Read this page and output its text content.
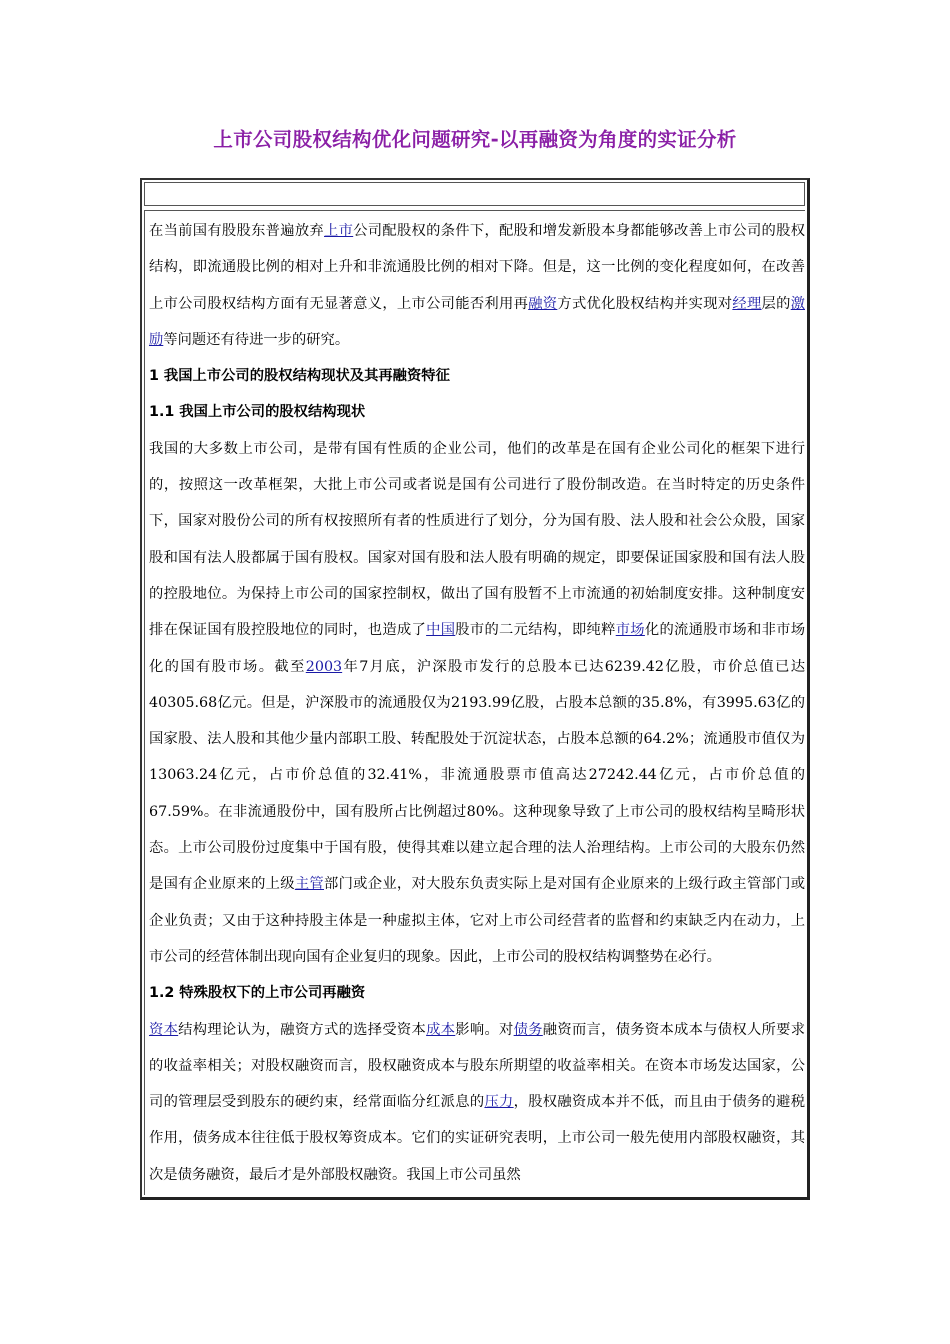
上市公司股权结构优化问题研究-以再融资为角度的实证分析

在当前国有股股东普遍放弃上市公司配股权的条件下，配股和增发新股本身都能够改善上市公司的股权结构，即流通股比例的相对上升和非流通股比例的相对下降。但是，这一比例的变化程度如何，在改善上市公司股权结构方面有无显著意义，上市公司能否利用再融资方式优化股权结构并实现对经理层的激励等问题还有待进一步的研究。

1 我国上市公司的股权结构现状及其再融资特征
1.1 我国上市公司的股权结构现状

我国的大多数上市公司，是带有国有性质的企业公司，他们的改革是在国有企业公司化的框架下进行的，按照这一改革框架，大批上市公司或者说是国有公司进行了股份制改造。在当时特定的历史条件下，国家对股份公司的所有权按照所有者的性质进行了划分，分为国有股、法人股和社会公众股，国家股和国有法人股都属于国有股权。国家对国有股和法人股有明确的规定，即要保证国家股和国有法人股的控股地位。为保持上市公司的国家控制权，做出了国有股暂不上市流通的初始制度安排。这种制度安排在保证国有股控股地位的同时，也造成了中国股市的二元结构，即纯粹市场化的流通股市场和非市场化的国有股市场。截至2003年7月底，沪深股市发行的总股本已达6239.42亿股，市价总值已达40305.68亿元。但是，沪深股市的流通股仅为2193.99亿股，占股本总额的35.8%，有3995.63亿的国家股、法人股和其他少量内部职工股、转配股处于沉淀状态，占股本总额的64.2%；流通股市值仅为13063.24亿元，占市价总值的32.41%，非流通股票市值高达27242.44亿元，占市价总值的67.59%。在非流通股份中，国有股所占比例超过80%。这种现象导致了上市公司的股权结构呈畸形状态。上市公司股份过度集中于国有股，使得其难以建立起合理的法人治理结构。上市公司的大股东仍然是国有企业原来的上级主管部门或企业，对大股东负责实际上是对国有企业原来的上级行政主管部门或企业负责；又由于这种持股主体是一种虚拟主体，它对上市公司经营者的监督和约束缺乏内在动力，上市公司的经营体制出现向国有企业复归的现象。因此，上市公司的股权结构调整势在必行。

1.2 特殊股权下的上市公司再融资

资本结构理论认为，融资方式的选择受资本成本影响。对债务融资而言，债务资本成本与债权人所要求的收益率相关；对股权融资而言，股权融资成本与股东所期望的收益率相关。在资本市场发达国家，公司的管理层受到股东的硬约束，经常面临分红派息的压力，股权融资成本并不低，而且由于债务的避税作用，债务成本往往低于股权筹资成本。它们的实证研究表明，上市公司一般先使用内部股权融资，其次是债务融资，最后才是外部股权融资。我国上市公司虽然
